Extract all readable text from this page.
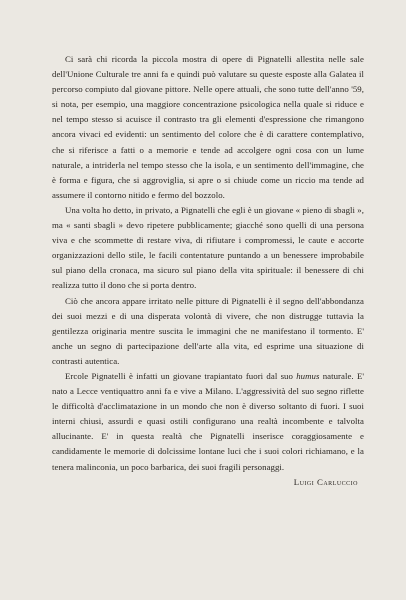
Ci sarà chi ricorda la piccola mostra di opere di Pignatelli allestita nelle sale dell'Unione Culturale tre anni fa e quindi può valutare su queste esposte alla Galatea il percorso compiuto dal giovane pittore. Nelle opere attuali, che sono tutte dell'anno '59, si nota, per esempio, una maggiore concentrazione psicologica nella quale si riduce e nel tempo stesso si acuisce il contrasto tra gli elementi d'espressione che rimangono ancora vivaci ed evidenti: un sentimento del colore che è di carattere contemplativo, che si riferisce a fatti o a memorie e tende ad accolgere ogni cosa con un lume naturale, a intriderla nel tempo stesso che la isola, e un sentimento dell'immagine, che è forma e figura, che si aggroviglia, si apre o si chiude come un riccio ma tende ad assumere il contorno nitido e fermo del bozzolo.

Una volta ho detto, in privato, a Pignatelli che egli è un giovane « pieno di sbagli », ma « santi sbagli » devo ripetere pubblicamente; giacché sono quelli di una persona viva e che scommette di restare viva, di rifiutare i compromessi, le caute e accorte organizzazioni dello stile, le facili contentature puntando a un benessere improbabile sul piano della cronaca, ma sicuro sul piano della vita spirituale: il benessere di chi realizza tutto il dono che si porta dentro.

Ciò che ancora appare irritato nelle pitture di Pignatelli è il segno dell'abbondanza dei suoi mezzi e di una disperata volontà di vivere, che non distrugge tuttavia la gentilezza originaria mentre suscita le immagini che ne manifestano il tormento. E' anche un segno di partecipazione dell'arte alla vita, ed esprime una situazione di contrasti autentica.

Ercole Pignatelli è infatti un giovane trapiantato fuori dal suo humus naturale. E' nato a Lecce ventiquattro anni fa e vive a Milano. L'aggressività del suo segno riflette le difficoltà d'acclimatazione in un mondo che non è diverso soltanto di fuori. I suoi interni chiusi, assurdi e quasi ostili configurano una realtà incombente e talvolta allucinante. E' in questa realtà che Pignatelli inserisce coraggiosamente e candidamente le memorie di dolcissime lontane luci che i suoi colori richiamano, e la tenera malinconia, un poco barbarica, dei suoi fragili personaggi.

Luigi Carluccio
